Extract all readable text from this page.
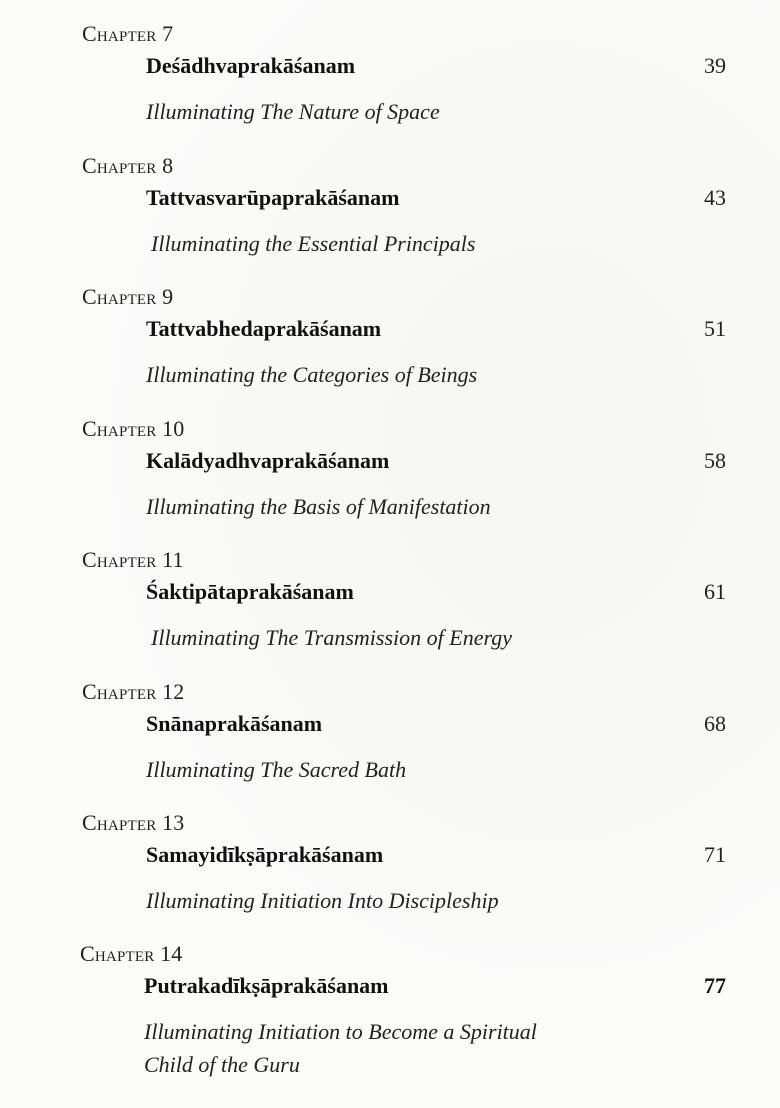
Chapter 7
Deśādhvaprakāśanam	39
Illuminating The Nature of Space
Chapter 8
Tattvasvarūpaprakāśanam	43
Illuminating the Essential Principals
Chapter 9
Tattvabhedaprakāśanam	51
Illuminating the Categories of Beings
Chapter 10
Kalādyadhvaprakāśanam	58
Illuminating the Basis of Manifestation
Chapter 11
Śaktipātaprakāśanam	61
Illuminating The Transmission of Energy
Chapter 12
Snānaprakāśanam	68
Illuminating The Sacred Bath
Chapter 13
Samayidīkṣāprakāśanam	71
Illuminating Initiation Into Discipleship
Chapter 14
Putrakadīkṣāprakāśanam	77
Illuminating Initiation to Become a Spiritual Child of the Guru
